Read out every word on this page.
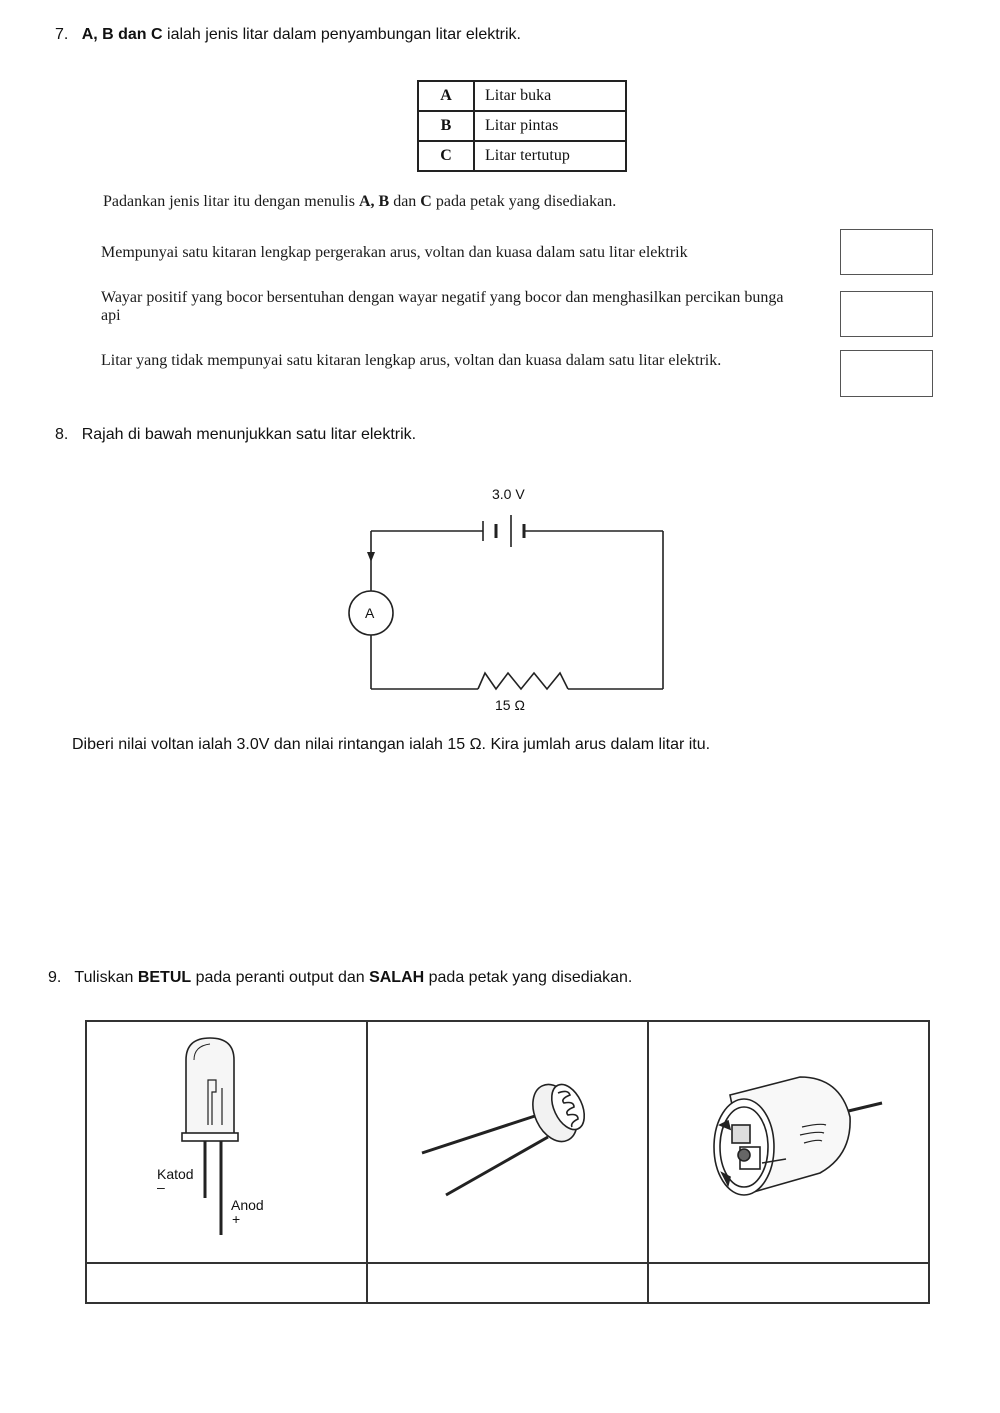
7. A, B dan C ialah jenis litar dalam penyambungan litar elektrik.
A	Litar buka
B	Litar pintas
C	Litar tertutup
Padankan jenis litar itu dengan menulis A, B dan C pada petak yang disediakan.
Mempunyai satu kitaran lengkap pergerakan arus, voltan dan kuasa dalam satu litar elektrik
Wayar positif yang bocor bersentuhan dengan wayar negatif yang bocor dan menghasilkan percikan bunga api
Litar yang tidak mempunyai satu kitaran lengkap arus, voltan dan kuasa dalam satu litar elektrik.
8. Rajah di bawah menunjukkan satu litar elektrik.
3.0 V
A
15 Ω
Diberi nilai voltan ialah 3.0V dan nilai rintangan ialah 15 Ω. Kira jumlah arus dalam litar itu.
9. Tuliskan BETUL pada peranti output dan SALAH pada petak yang disediakan.

Katod
–
Anod
+
